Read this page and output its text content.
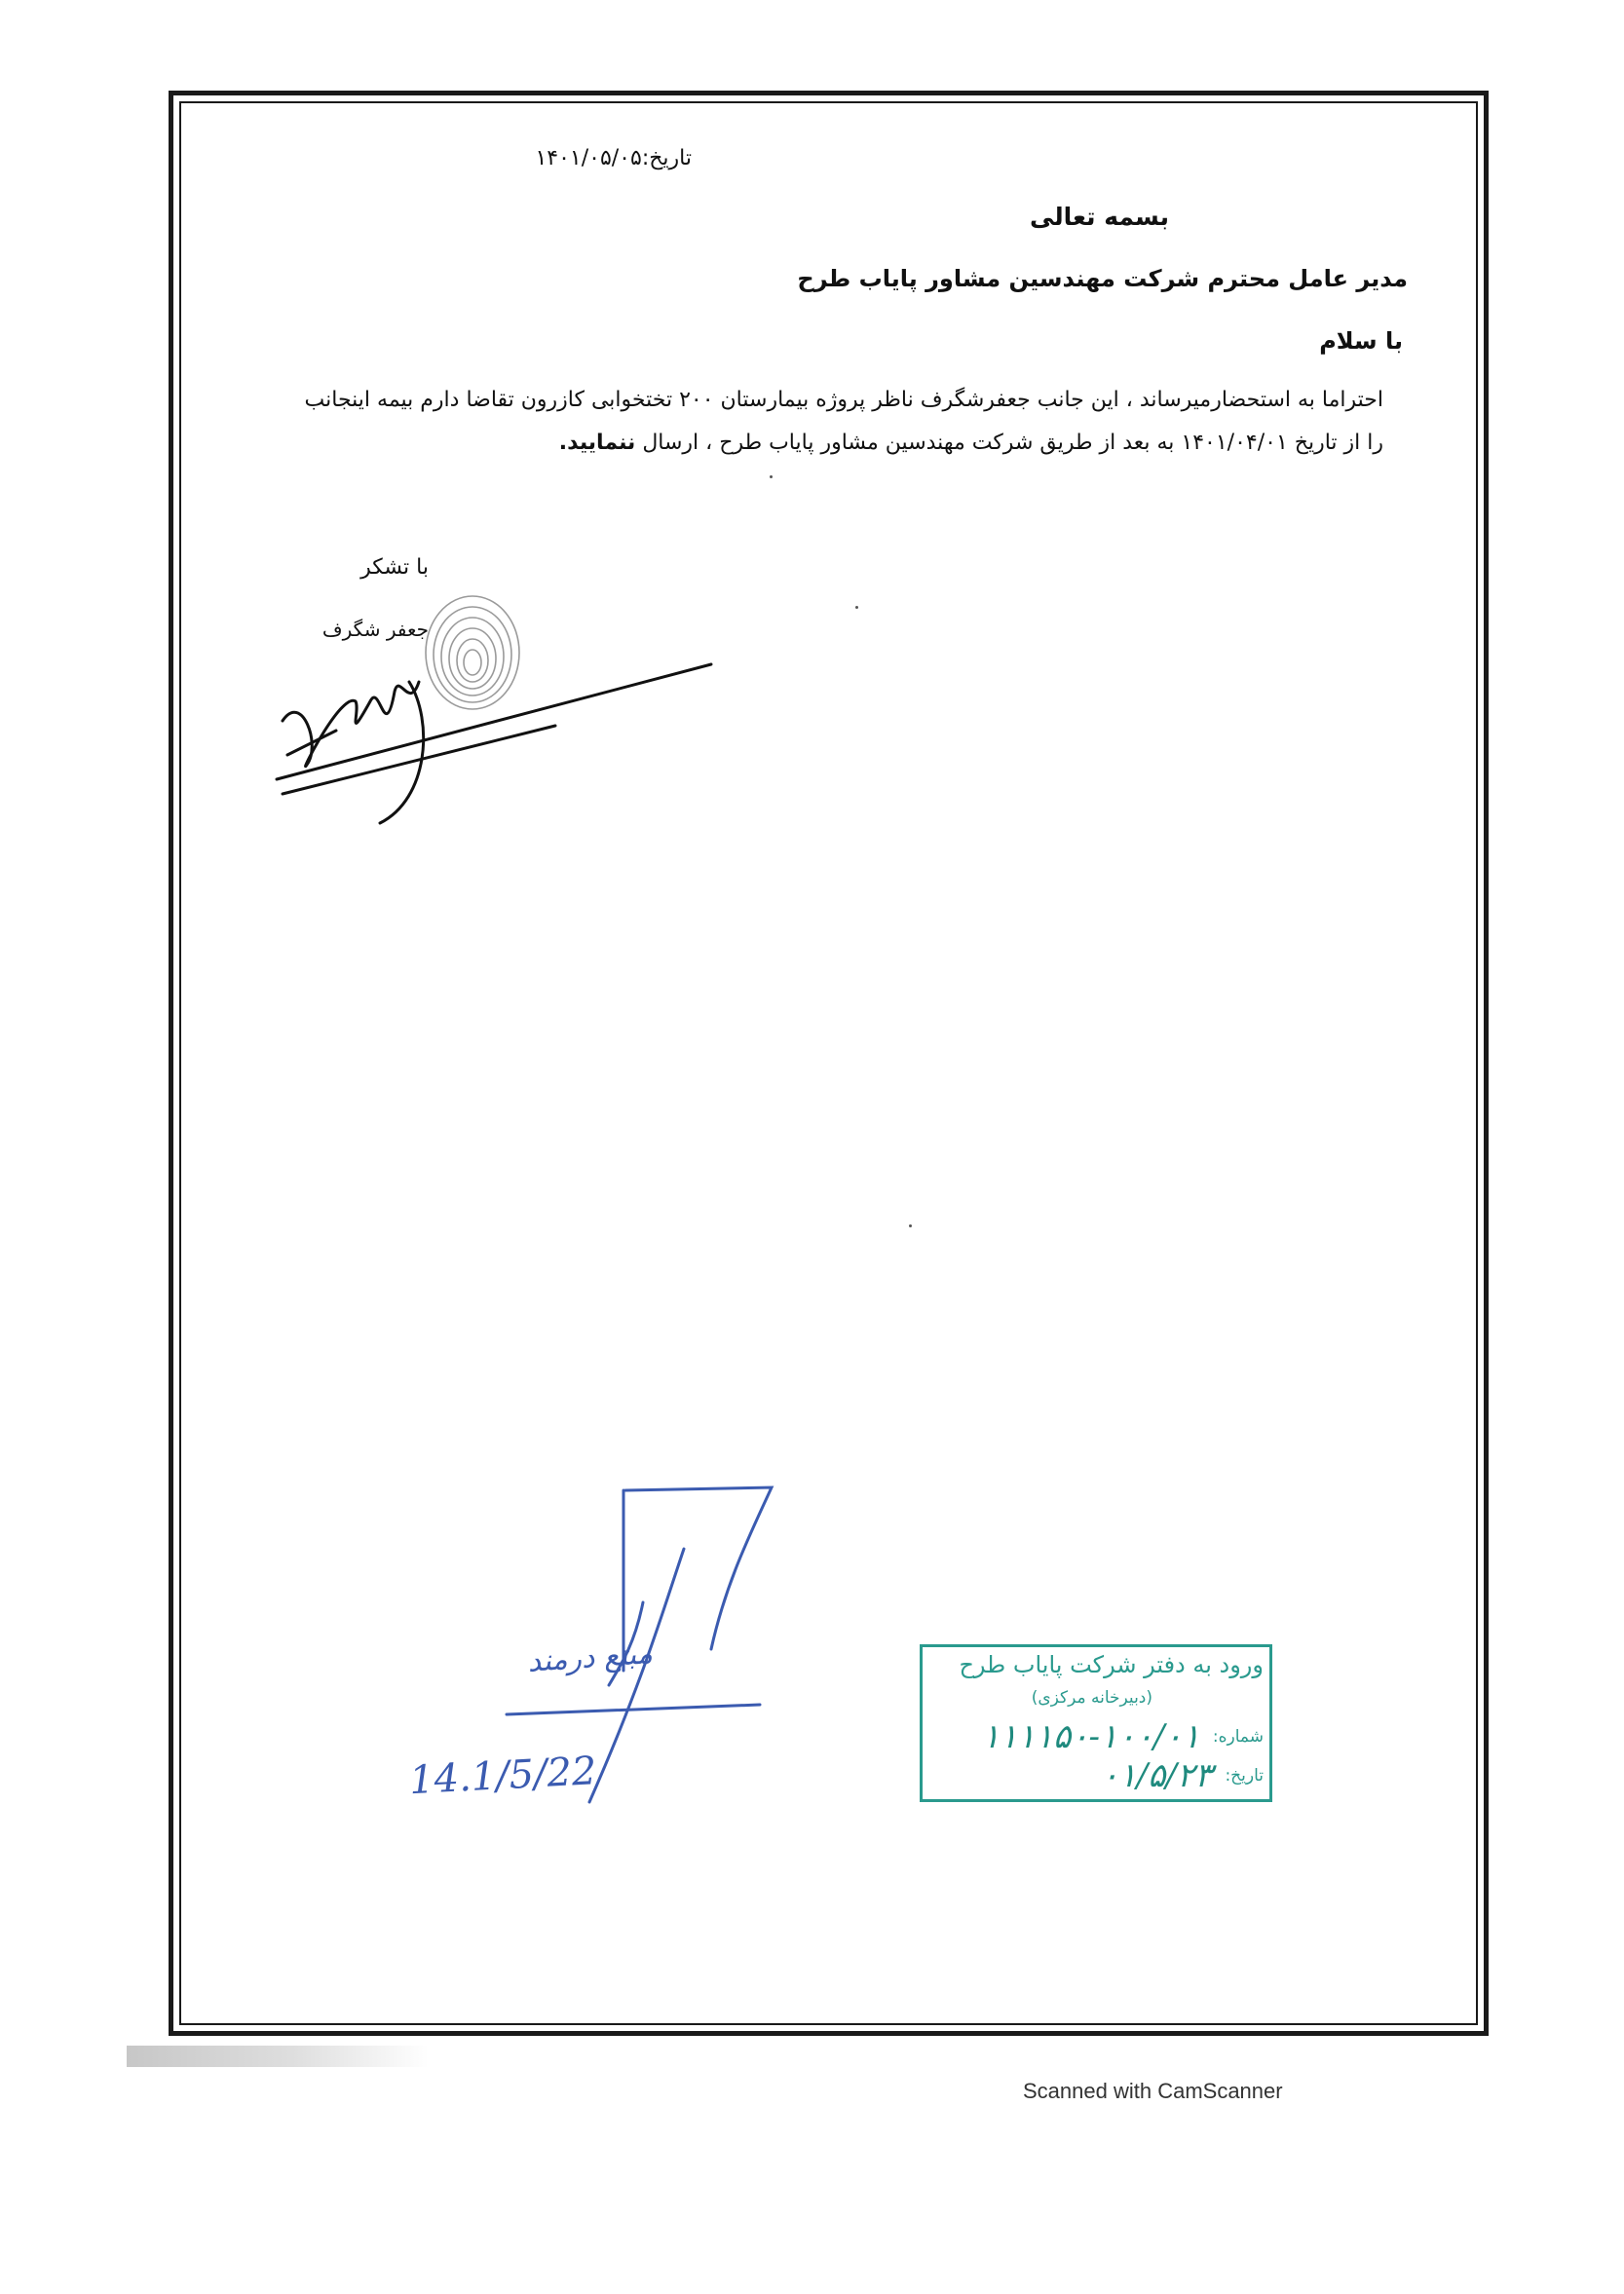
تاریخ:۱۴۰۱/۰۵/۰۵
بسمه تعالی
مدیر عامل محترم شرکت مهندسین مشاور پایاب طرح
با سلام
احتراما به استحضارمیرساند ، این جانب جعفرشگرف ناظر پروژه بیمارستان ۲۰۰ تختخوابی کازرون تقاضا دارم بیمه اینجانب
را از تاریخ ۱۴۰۱/۰۴/۰۱ به بعد از طریق شرکت مهندسین مشاور پایاب طرح ، ارسال ننمایید.
با تشکر
جعفر شگرف
مبتع درمند
14.1/5/22
ورود به دفتر شرکت پایاب طرح
(دبیرخانه مرکزی)
شماره: ۱۰۰/۰۱-۱۱۱۱۵۰
تاریخ: ۰۱/۵/۲۳
Scanned with CamScanner
